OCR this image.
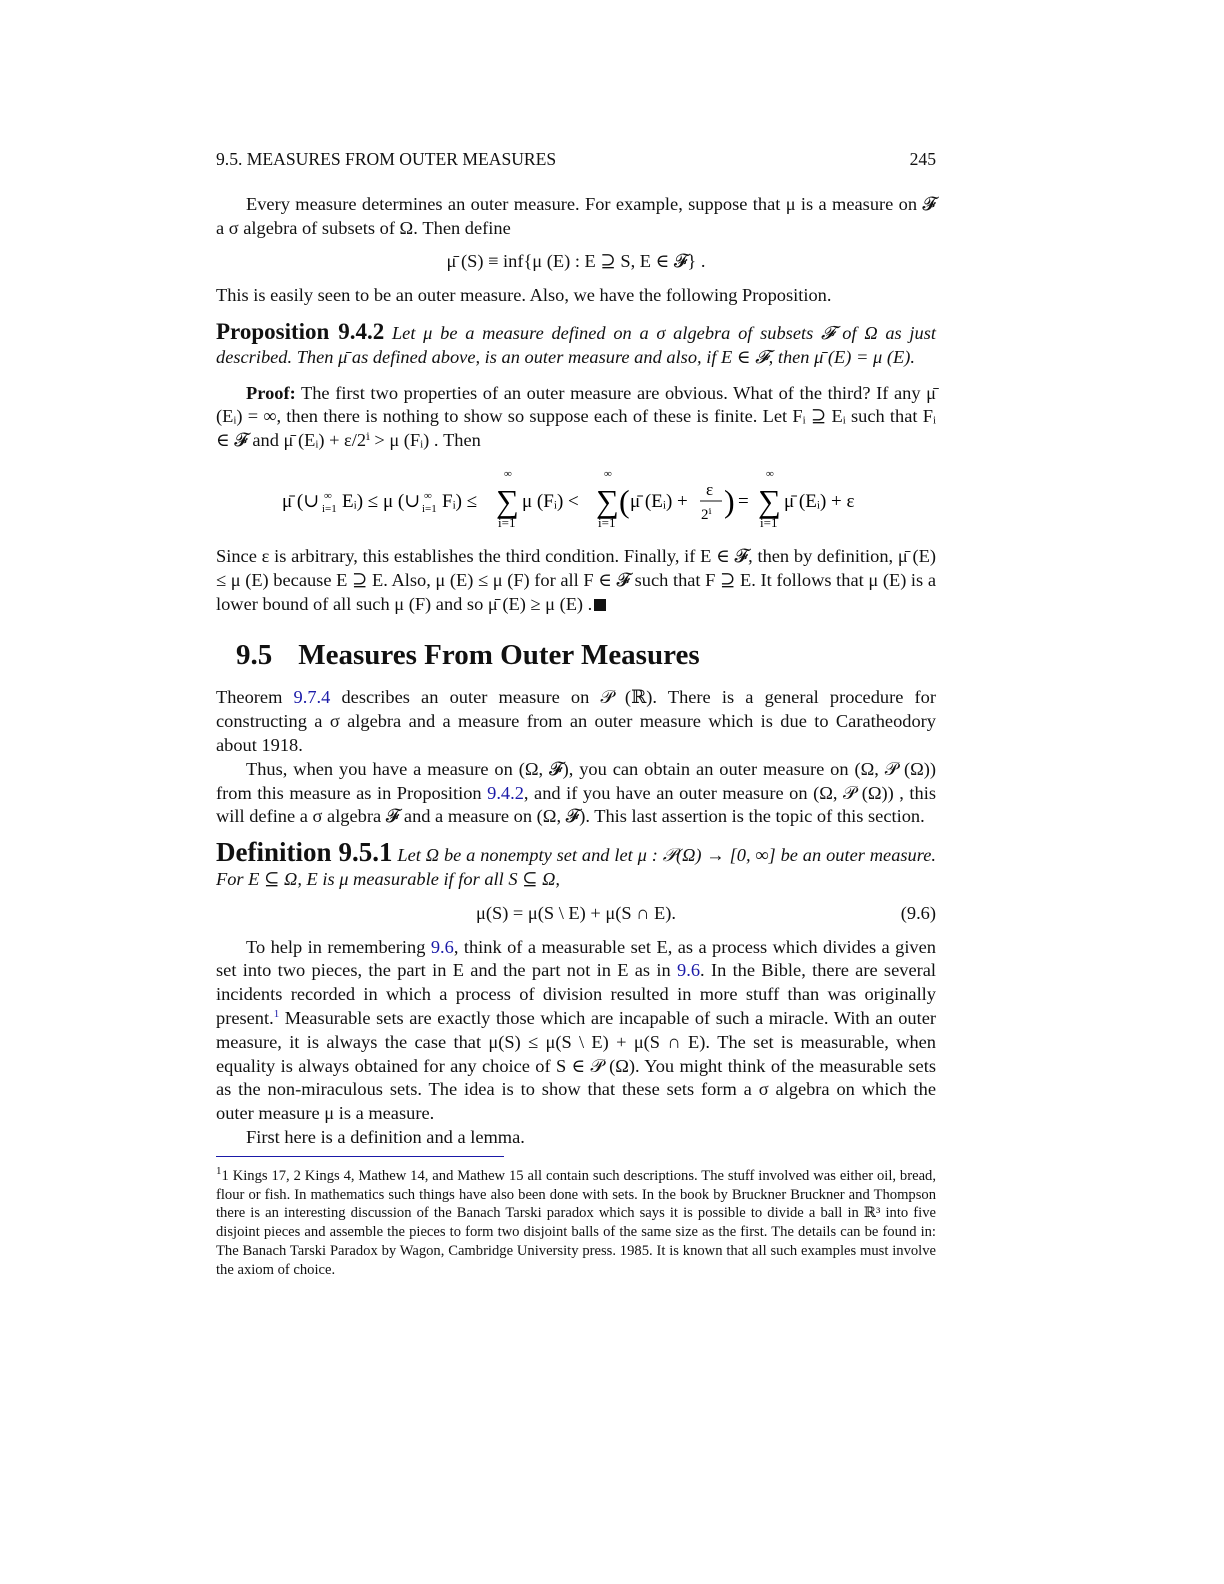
9.5. MEASURES FROM OUTER MEASURES	245

Every measure determines an outer measure. For example, suppose that μ is a measure on 𝓕 a σ algebra of subsets of Ω. Then define

μ̄ (S) ≡ inf{μ (E) : E ⊇ S, E ∈ 𝓕} .

This is easily seen to be an outer measure. Also, we have the following Proposition.

Proposition 9.4.2 Let μ be a measure defined on a σ algebra of subsets 𝓕 of Ω as just described. Then μ̄ as defined above, is an outer measure and also, if E ∈ 𝓕, then μ̄ (E) = μ (E).

Proof: The first two properties of an outer measure are obvious. What of the third? If any μ̄ (Eᵢ) = ∞, then there is nothing to show so suppose each of these is finite. Let Fᵢ ⊇ Eᵢ such that Fᵢ ∈ 𝓕 and μ̄ (Eᵢ) + ε/2ⁱ > μ (Fᵢ) . Then

μ̄ (∪ ∞
i=1 Eᵢ) ≤ μ (∪ ∞
i=1 Fᵢ) ≤
∞
∑
i=1
μ (Fᵢ) <
∞
∑
i=1
( μ̄ (Eᵢ) +
ε
2ⁱ ) =
∞
∑
i=1
μ̄ (Eᵢ) + ε

Since ε is arbitrary, this establishes the third condition. Finally, if E ∈ 𝓕, then by definition, μ̄ (E) ≤ μ (E) because E ⊇ E. Also, μ (E) ≤ μ (F) for all F ∈ 𝓕 such that F ⊇ E. It follows that μ (E) is a lower bound of all such μ (F) and so μ̄ (E) ≥ μ (E) .

9.5 Measures From Outer Measures

Theorem 9.7.4 describes an outer measure on 𝒫 (ℝ). There is a general procedure for constructing a σ algebra and a measure from an outer measure which is due to Caratheodory about 1918.

Thus, when you have a measure on (Ω, 𝓕), you can obtain an outer measure on (Ω, 𝒫 (Ω)) from this measure as in Proposition 9.4.2, and if you have an outer measure on (Ω, 𝒫 (Ω)) , this will define a σ algebra 𝓕 and a measure on (Ω, 𝓕). This last assertion is the topic of this section.

Definition 9.5.1 Let Ω be a nonempty set and let μ : 𝒫(Ω) → [0, ∞] be an outer measure. For E ⊆ Ω, E is μ measurable if for all S ⊆ Ω,

μ(S) = μ(S \ E) + μ(S ∩ E).	(9.6)

To help in remembering 9.6, think of a measurable set E, as a process which divides a given set into two pieces, the part in E and the part not in E as in 9.6. In the Bible, there are several incidents recorded in which a process of division resulted in more stuff than was originally present.$^1$ Measurable sets are exactly those which are incapable of such a miracle. With an outer measure, it is always the case that μ(S) ≤ μ(S \ E) + μ(S ∩ E). The set is measurable, when equality is always obtained for any choice of S ∈ 𝒫 (Ω). You might think of the measurable sets as the non-miraculous sets. The idea is to show that these sets form a σ algebra on which the outer measure μ is a measure.

First here is a definition and a lemma.

$^1$1 Kings 17, 2 Kings 4, Mathew 14, and Mathew 15 all contain such descriptions. The stuff involved was either oil, bread, flour or fish. In mathematics such things have also been done with sets. In the book by Bruckner Bruckner and Thompson there is an interesting discussion of the Banach Tarski paradox which says it is possible to divide a ball in ℝ³ into five disjoint pieces and assemble the pieces to form two disjoint balls of the same size as the first. The details can be found in: The Banach Tarski Paradox by Wagon, Cambridge University press. 1985. It is known that all such examples must involve the axiom of choice.
